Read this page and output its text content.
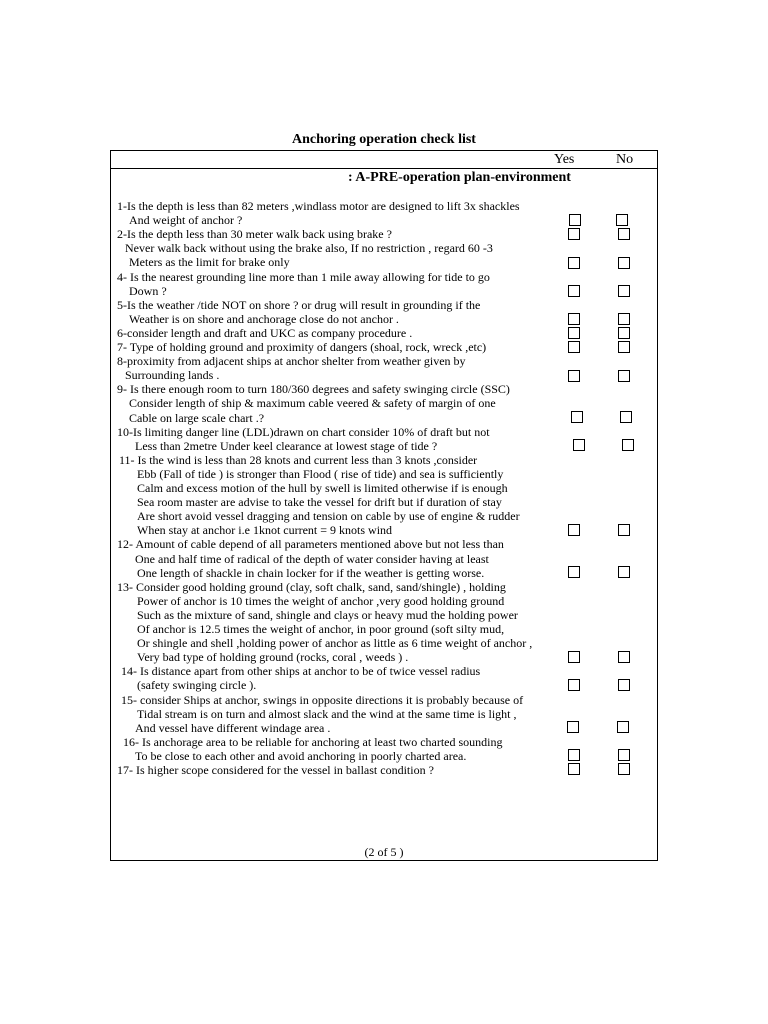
Anchoring operation check list
Yes	No
: A-PRE-operation plan-environment
1-Is the depth is less than 82 meters ,windlass motor are designed to lift 3x shackles
And weight of anchor ?
2-Is the depth less than 30 meter walk back using brake ?
Never walk back without using the brake also, If no restriction , regard 60 -3
Meters as the limit for brake only
4- Is the nearest grounding line more than 1 mile away allowing for tide to go
Down ?
5-Is the weather /tide NOT on shore ? or drug will result in grounding if the
Weather is on shore and anchorage close do not anchor .
6-consider length and draft and UKC as company procedure .
7- Type of holding ground and proximity of dangers (shoal, rock, wreck ,etc)
8-proximity from adjacent ships at anchor shelter from weather given by
Surrounding lands .
9- Is there enough room to turn 180/360 degrees and safety swinging circle (SSC)
Consider length of ship & maximum cable veered & safety of margin of one
Cable on large scale chart .?
10-Is limiting danger line (LDL)drawn on chart consider 10% of draft but not
Less than 2metre Under keel clearance at lowest stage of tide ?
11- Is the wind is less than 28 knots and current less than 3 knots ,consider
Ebb (Fall of tide ) is stronger than Flood ( rise of tide) and sea is sufficiently
Calm and excess motion of the hull by swell is limited otherwise if is enough
Sea room master are advise to take the vessel for drift but if duration of stay
Are short avoid vessel dragging and tension on cable by use of engine & rudder
When stay at anchor i.e 1knot current = 9 knots wind
12- Amount of cable depend of all parameters mentioned above but not less than
One and half time of radical of the depth of water consider having at least
One length of shackle in chain locker for if the weather is getting worse.
13- Consider good holding ground (clay, soft chalk, sand, sand/shingle) , holding
Power of anchor is 10 times the weight of anchor ,very good holding ground
Such as the mixture of sand, shingle and clays or heavy mud the holding power
Of anchor is 12.5 times the weight of anchor, in poor ground (soft silty mud,
Or shingle and shell ,holding power of anchor as little as 6 time weight of anchor ,
Very bad type of holding ground (rocks, coral , weeds ) .
14- Is distance apart from other ships at anchor to be of twice vessel radius
(safety swinging circle ).
15- consider Ships at anchor, swings in opposite directions it is probably because of
Tidal stream is on turn and almost slack and the wind at the same time is light ,
And vessel have different windage area .
16- Is anchorage area to be reliable for anchoring at least two charted sounding
To be close to each other and avoid anchoring in poorly charted area.
17- Is higher scope considered for the vessel in ballast condition ?
(2 of 5 )
